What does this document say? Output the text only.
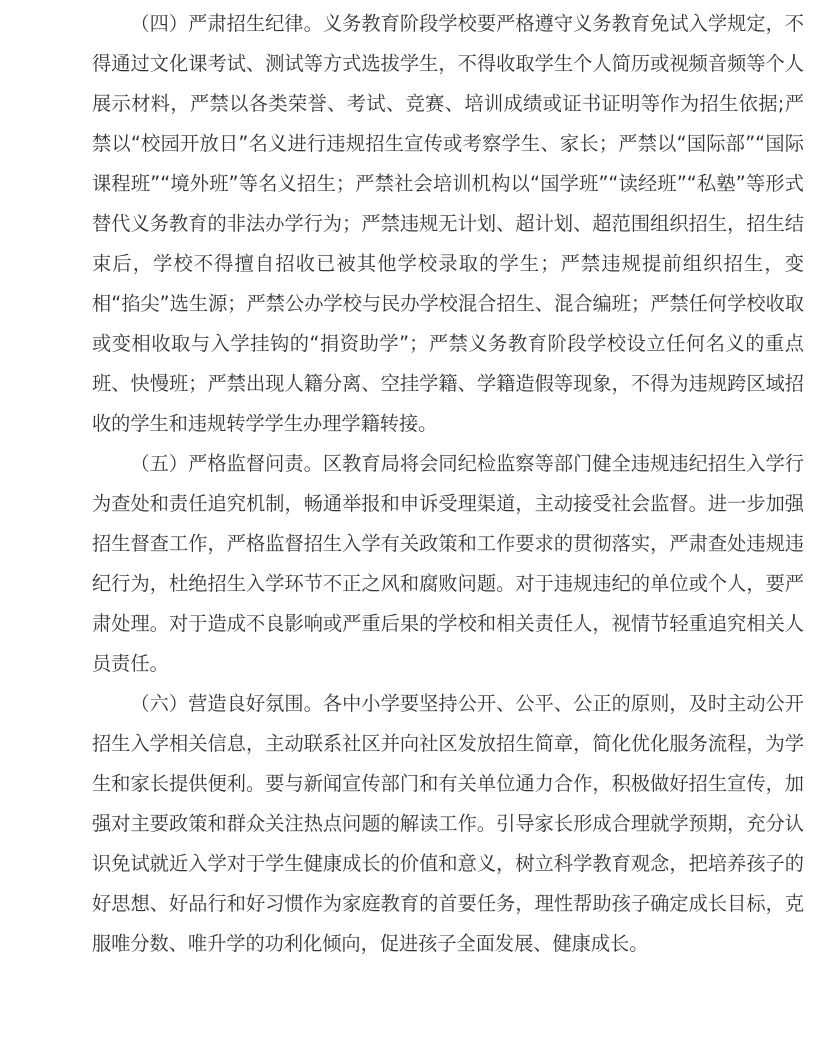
（四）严肃招生纪律。义务教育阶段学校要严格遵守义务教育免试入学规定，不得通过文化课考试、测试等方式选拔学生，不得收取学生个人简历或视频音频等个人展示材料，严禁以各类荣誉、考试、竞赛、培训成绩或证书证明等作为招生依据;严禁以“校园开放日”名义进行违规招生宣传或考察学生、家长；严禁以“国际部”“国际课程班”“境外班”等名义招生；严禁社会培训机构以“国学班”“读经班”“私塾”等形式替代义务教育的非法办学行为；严禁违规无计划、超计划、超范围组织招生，招生结束后，学校不得擅自招收已被其他学校录取的学生；严禁违规提前组织招生，变相“掐尖”选生源；严禁公办学校与民办学校混合招生、混合编班；严禁任何学校收取或变相收取与入学挂钩的“捐资助学”；严禁义务教育阶段学校设立任何名义的重点班、快慢班；严禁出现人籍分离、空挂学籍、学籍造假等现象，不得为违规跨区域招收的学生和违规转学学生办理学籍转接。

（五）严格监督问责。区教育局将会同纪检监察等部门健全违规违纪招生入学行为查处和责任追究机制，畅通举报和申诉受理渠道，主动接受社会监督。进一步加强招生督查工作，严格监督招生入学有关政策和工作要求的贯彻落实，严肃查处违规违纪行为，杜绝招生入学环节不正之风和腐败问题。对于违规违纪的单位或个人，要严肃处理。对于造成不良影响或严重后果的学校和相关责任人，视情节轻重追究相关人员责任。

（六）营造良好氛围。各中小学要坚持公开、公平、公正的原则，及时主动公开招生入学相关信息，主动联系社区并向社区发放招生简章，简化优化服务流程，为学生和家长提供便利。要与新闻宣传部门和有关单位通力合作，积极做好招生宣传，加强对主要政策和群众关注热点问题的解读工作。引导家长形成合理就学预期，充分认识免试就近入学对于学生健康成长的价值和意义，树立科学教育观念，把培养孩子的好思想、好品行和好习惯作为家庭教育的首要任务，理性帮助孩子确定成长目标，克服唯分数、唯升学的功利化倾向，促进孩子全面发展、健康成长。
